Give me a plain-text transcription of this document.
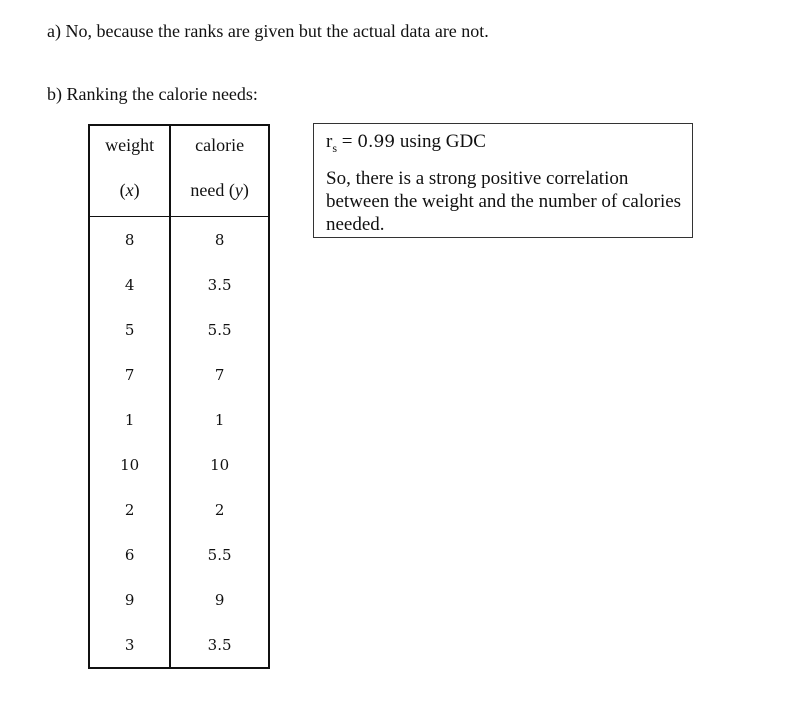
a) No, because the ranks are given but the actual data are not.
b) Ranking the calorie needs:
weight	calorie
(x)	need (y)
8	8
4	3.5
5	5.5
7	7
1	1
10	10
2	2
6	5.5
9	9
3	3.5
$r_s = 0.99$ using GDC
So, there is a strong positive correlation between the weight and the number of calories needed.
